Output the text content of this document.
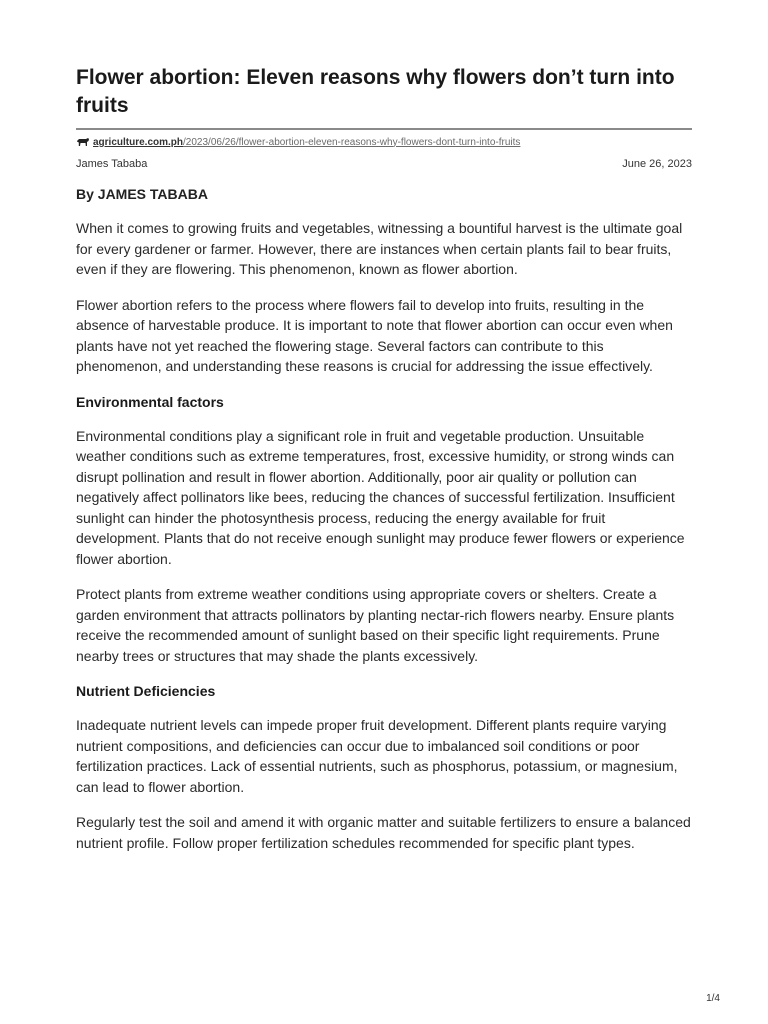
Flower abortion: Eleven reasons why flowers don’t turn into fruits
agriculture.com.ph /2023/06/26/flower-abortion-eleven-reasons-why-flowers-dont-turn-into-fruits
James Tababa	June 26, 2023
By JAMES TABABA

When it comes to growing fruits and vegetables, witnessing a bountiful harvest is the ultimate goal for every gardener or farmer. However, there are instances when certain plants fail to bear fruits, even if they are flowering. This phenomenon, known as flower abortion.

Flower abortion refers to the process where flowers fail to develop into fruits, resulting in the absence of harvestable produce. It is important to note that flower abortion can occur even when plants have not yet reached the flowering stage. Several factors can contribute to this phenomenon, and understanding these reasons is crucial for addressing the issue effectively.

Environmental factors

Environmental conditions play a significant role in fruit and vegetable production. Unsuitable weather conditions such as extreme temperatures, frost, excessive humidity, or strong winds can disrupt pollination and result in flower abortion. Additionally, poor air quality or pollution can negatively affect pollinators like bees, reducing the chances of successful fertilization. Insufficient sunlight can hinder the photosynthesis process, reducing the energy available for fruit development. Plants that do not receive enough sunlight may produce fewer flowers or experience flower abortion.

Protect plants from extreme weather conditions using appropriate covers or shelters. Create a garden environment that attracts pollinators by planting nectar-rich flowers nearby. Ensure plants receive the recommended amount of sunlight based on their specific light requirements. Prune nearby trees or structures that may shade the plants excessively.

Nutrient Deficiencies

Inadequate nutrient levels can impede proper fruit development. Different plants require varying nutrient compositions, and deficiencies can occur due to imbalanced soil conditions or poor fertilization practices. Lack of essential nutrients, such as phosphorus, potassium, or magnesium, can lead to flower abortion.

Regularly test the soil and amend it with organic matter and suitable fertilizers to ensure a balanced nutrient profile. Follow proper fertilization schedules recommended for specific plant types.

1/4
